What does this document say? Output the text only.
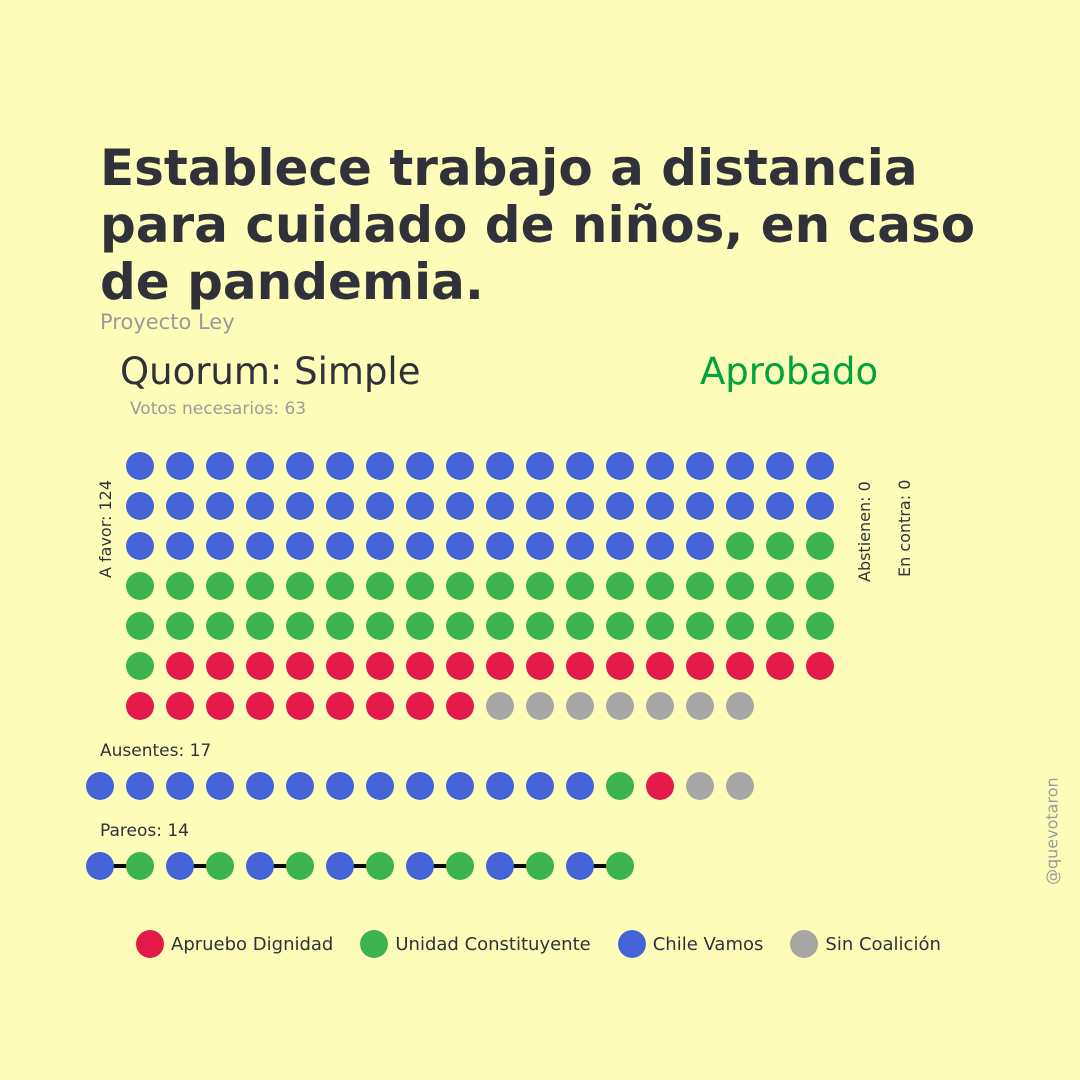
Establece trabajo a distancia para cuidado de niños, en caso de pandemia.
Proyecto Ley
Quorum: Simple	Aprobado
Votos necesarios: 63
A favor: 124	Abstienen: 0 En contra: 0
Ausentes: 17
Pareos: 14
Apruebo Dignidad	Unidad Constituyente	Chile Vamos	Sin Coalición
@quevotaron
